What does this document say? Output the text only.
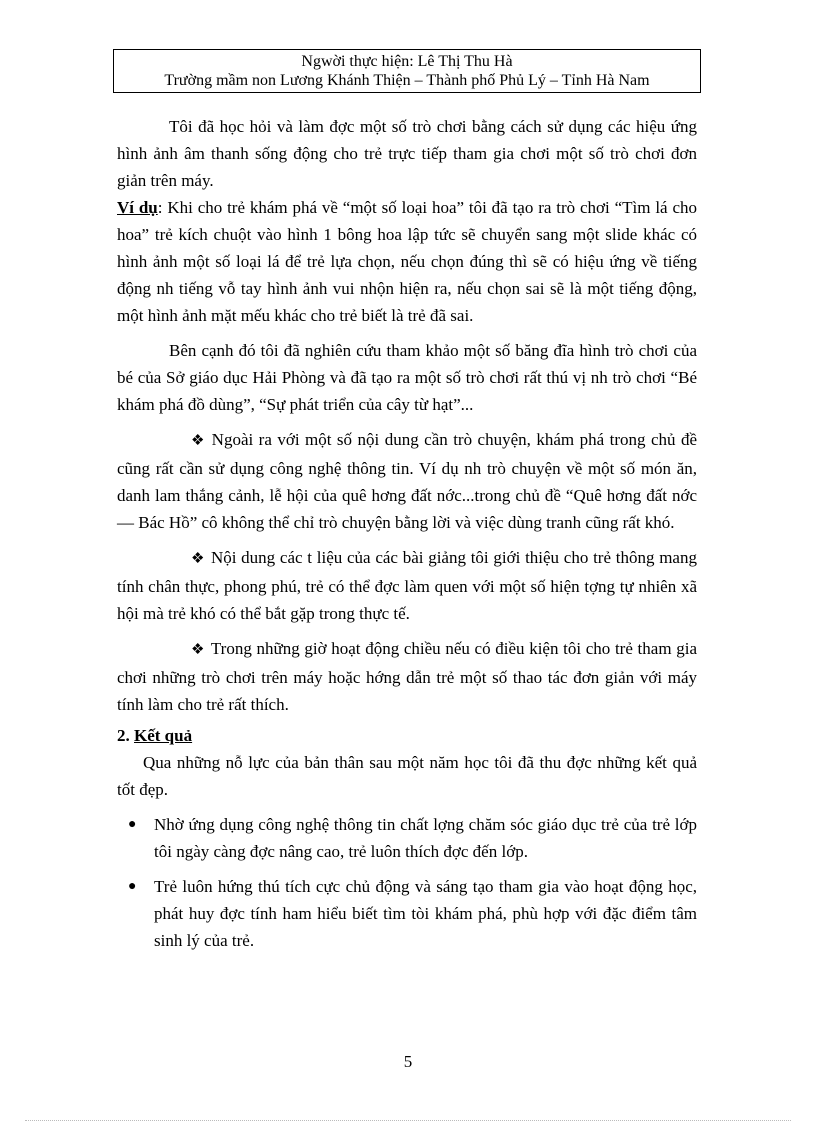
Ngwời thực hiện: Lê Thị Thu Hà
Trường mầm non Lương Khánh Thiện – Thành phố Phủ Lý – Tỉnh Hà Nam

Tôi đã học hỏi và làm đợc một số trò chơi bằng cách sử dụng các hiệu ứng hình ảnh âm thanh sống động cho trẻ trực tiếp tham gia chơi một số trò chơi đơn giản trên máy.

Ví dụ: Khi cho trẻ khám phá về “một số loại hoa” tôi đã tạo ra trò chơi “Tìm lá cho hoa” trẻ kích chuột vào hình 1 bông hoa lập tức sẽ chuyển sang một slide khác có hình ảnh một số loại lá để trẻ lựa chọn, nếu chọn đúng thì sẽ có hiệu ứng về tiếng động nh tiếng vỗ tay hình ảnh vui nhộn hiện ra, nếu chọn sai sẽ là một tiếng động, một hình ảnh mặt mếu khác cho trẻ biết là trẻ đã sai.

Bên cạnh đó tôi đã nghiên cứu tham khảo một số băng đĩa hình trò chơi của bé của Sở giáo dục Hải Phòng và đã tạo ra một số trò chơi rất thú vị nh trò chơi “Bé khám phá đồ dùng”, “Sự phát triển của cây từ hạt”...

❖ Ngoài ra với một số nội dung cần trò chuyện, khám phá trong chủ đề cũng rất cần sử dụng công nghệ thông tin. Ví dụ nh trò chuyện về một số món ăn, danh lam thắng cảnh, lễ hội của quê hơng đất nớc...trong chủ đề “Quê hơng đất nớc — Bác Hồ” cô không thể chỉ trò chuyện bằng lời và việc dùng tranh cũng rất khó.

❖ Nội dung các t liệu của các bài giảng tôi giới thiệu cho trẻ thông mang tính chân thực, phong phú, trẻ có thể đợc làm quen với một số hiện tợng tự nhiên xã hội mà trẻ khó có thể bắt gặp trong thực tế.

❖ Trong những giờ hoạt động chiều nếu có điều kiện tôi cho trẻ tham gia chơi những trò chơi trên máy hoặc hớng dẫn trẻ một số thao tác đơn giản với máy tính làm cho trẻ rất thích.

2. Kết quả

Qua những nỗ lực của bản thân sau một năm học tôi đã thu đợc những kết quả tốt đẹp.

● Nhờ ứng dụng công nghệ thông tin chất lợng chăm sóc giáo dục trẻ của trẻ lớp tôi ngày càng đợc nâng cao, trẻ luôn thích đợc đến lớp.
● Trẻ luôn hứng thú tích cực chủ động và sáng tạo tham gia vào hoạt động học, phát huy đợc tính ham hiểu biết tìm tòi khám phá, phù hợp với đặc điểm tâm sinh lý của trẻ.
5
